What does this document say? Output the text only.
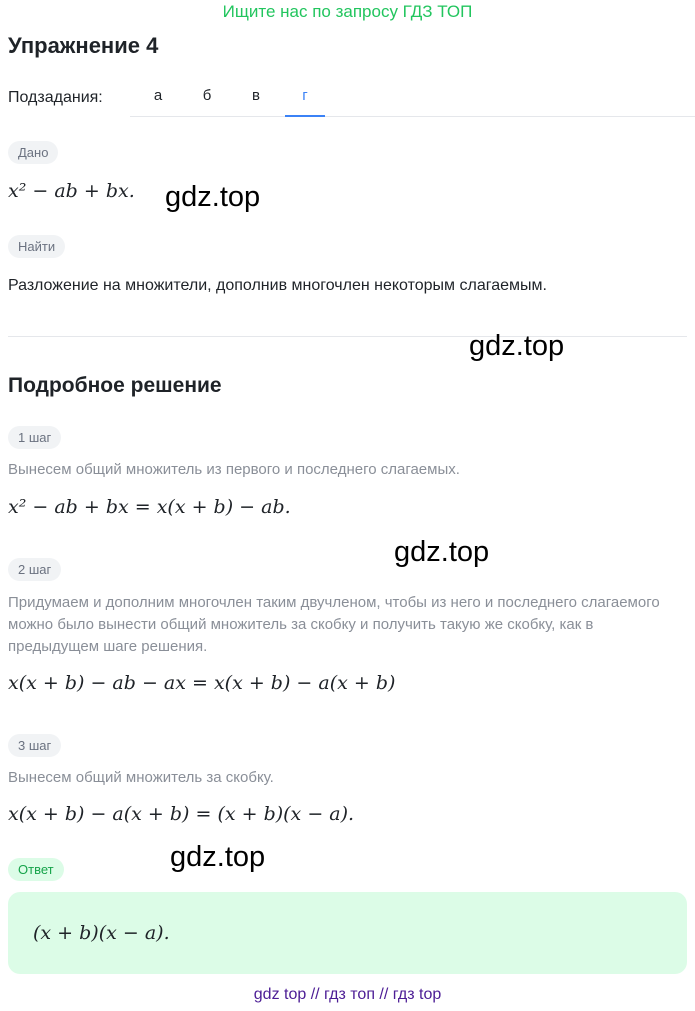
Ищите нас по запросу ГДЗ ТОП
Упражнение 4
Подзадания:	а	б	в	г
Дано
x² − ab + bx. gdz.top
Найти
Разложение на множители, дополнив многочлен некоторым слагаемым.
gdz.top
Подробное решение
1 шаг
Вынесем общий множитель из первого и последнего слагаемых.
x² − ab + bx = x(x + b) − ab.
gdz.top
2 шаг
Придумаем и дополним многочлен таким двучленом, чтобы из него и последнего слагаемого можно было вынести общий множитель за скобку и получить такую же скобку, как в предыдущем шаге решения.
x(x + b) − ab − ax = x(x + b) − a(x + b)
3 шаг
Вынесем общий множитель за скобку.
x(x + b) − a(x + b) = (x + b)(x − a).
gdz.top
Ответ
(x + b)(x − a).
gdz top // гдз топ // гдз top
